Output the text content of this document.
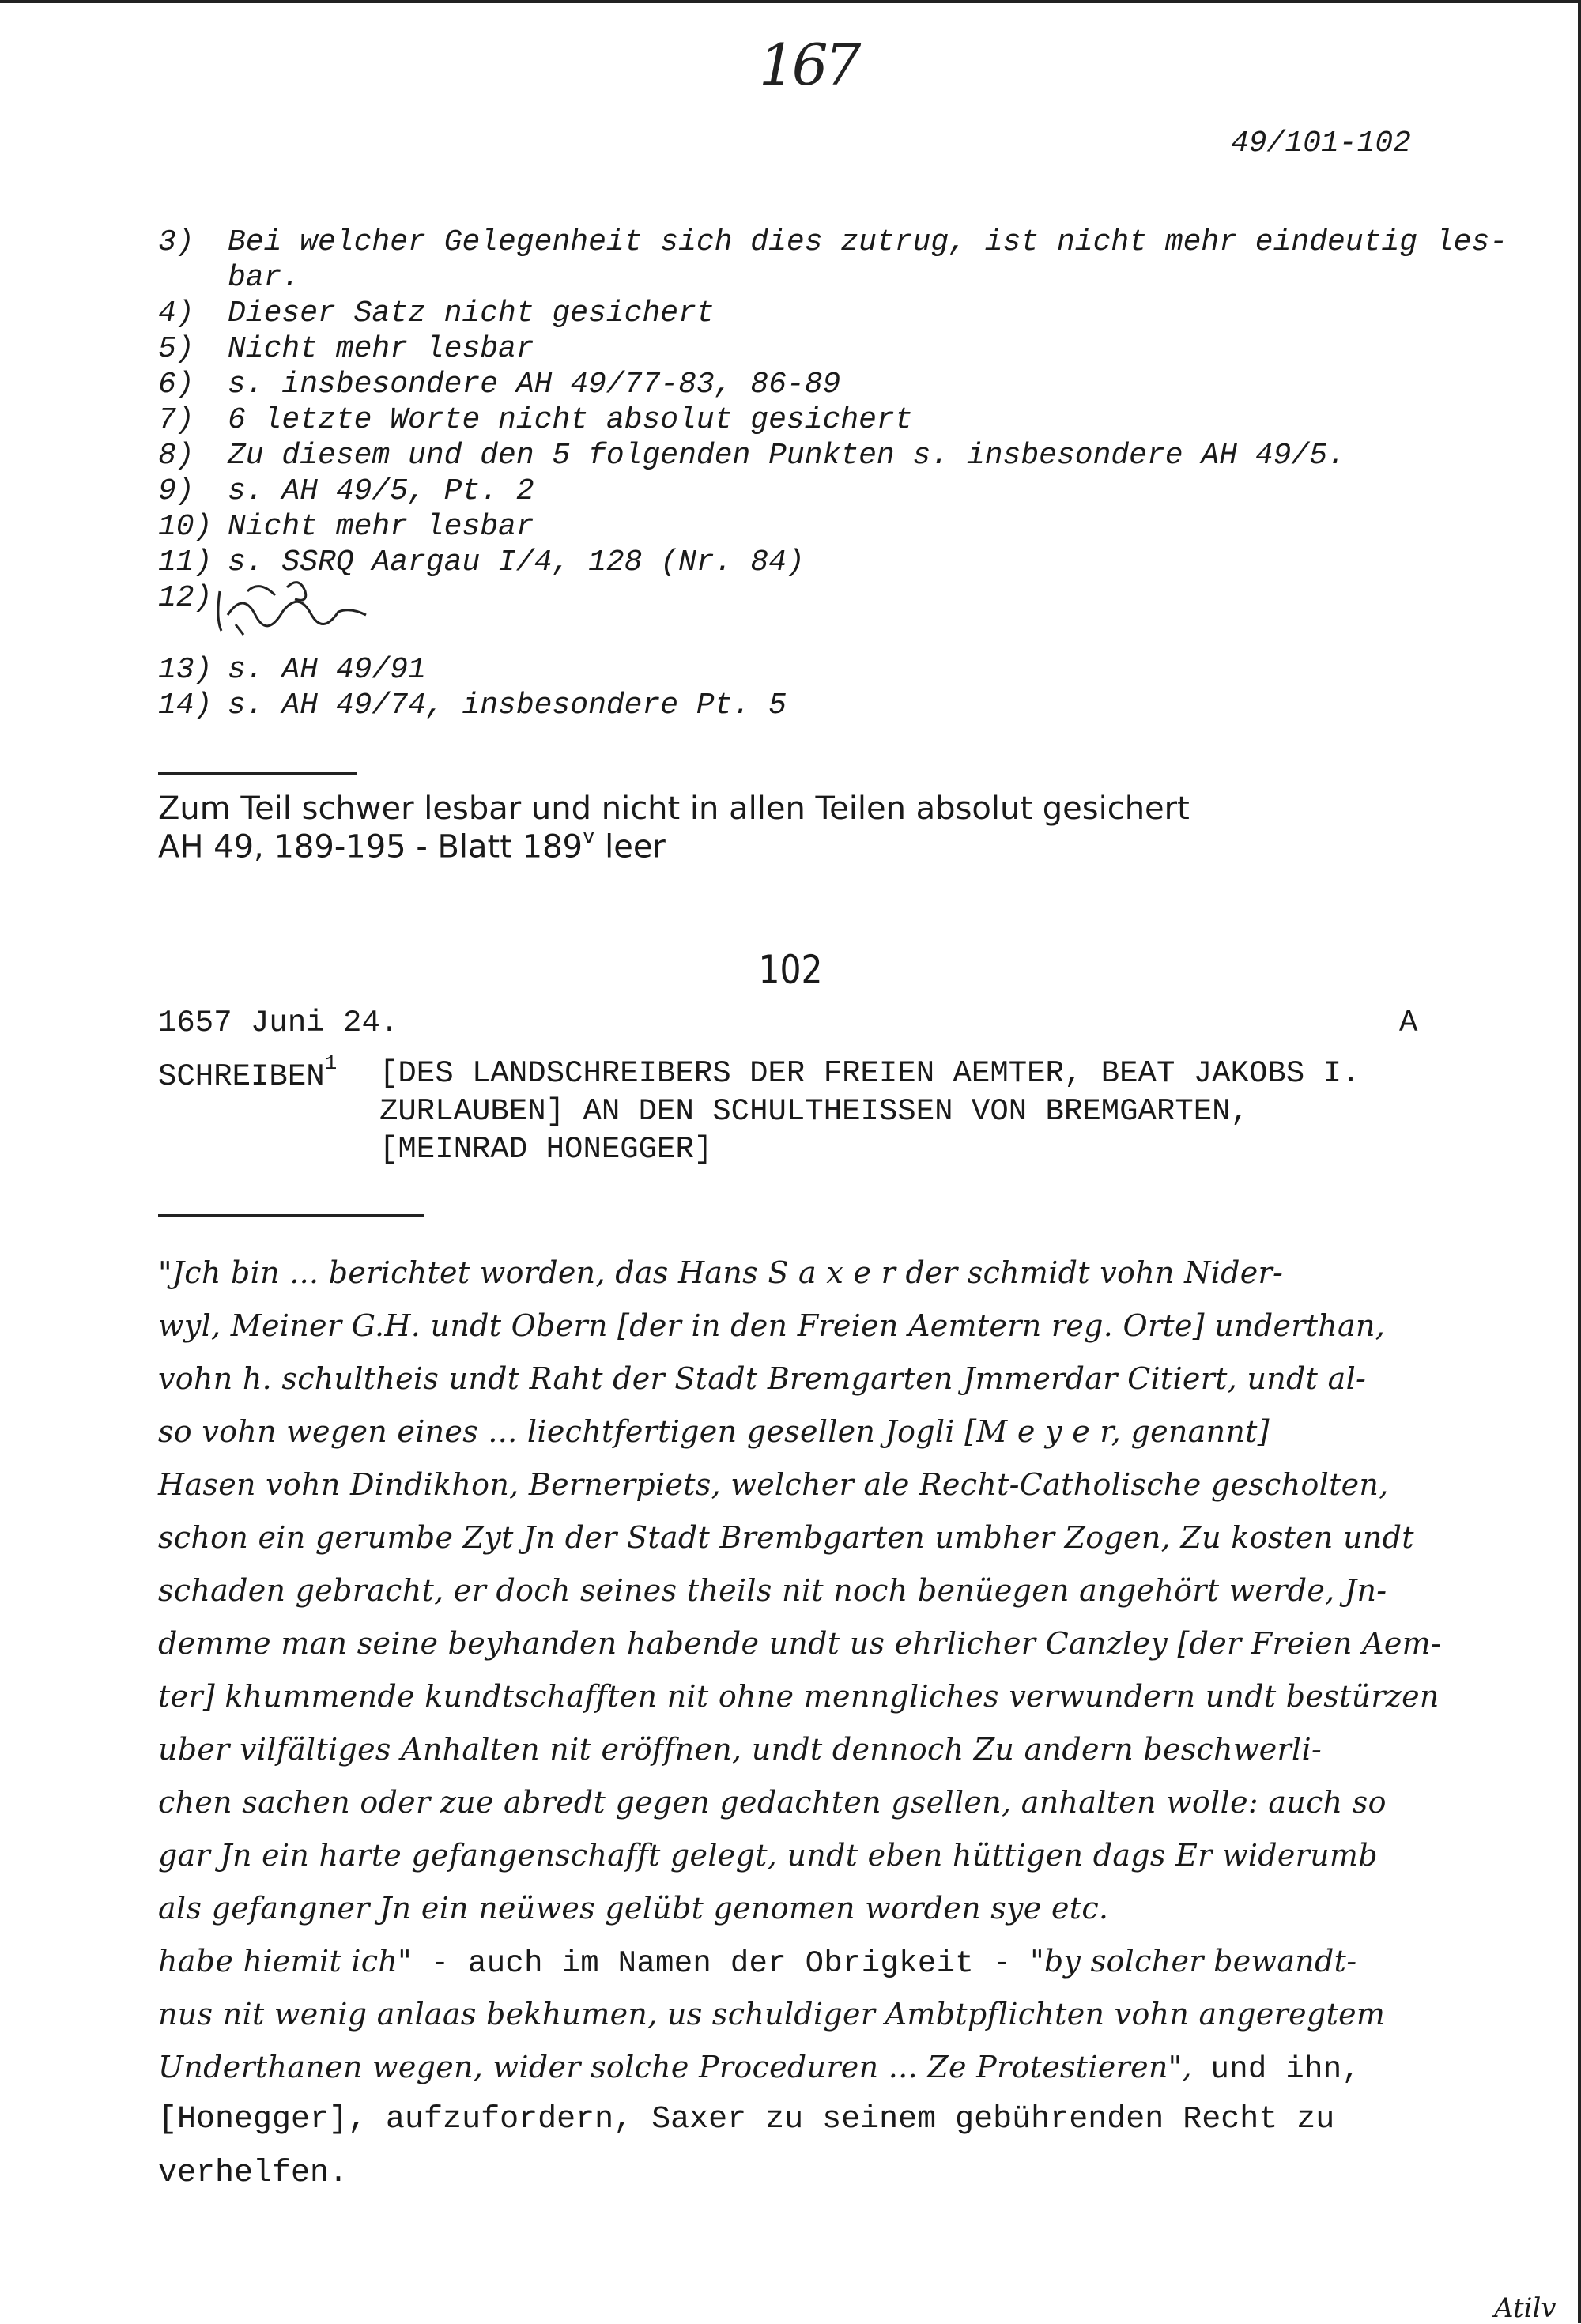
167
49/101-102
3) Bei welcher Gelegenheit sich dies zutrug, ist nicht mehr eindeutig les-
bar.
4) Dieser Satz nicht gesichert
5) Nicht mehr lesbar
6) s. insbesondere AH 49/77-83, 86-89
7) 6 letzte Worte nicht absolut gesichert
8) Zu diesem und den 5 folgenden Punkten s. insbesondere AH 49/5.
9) s. AH 49/5, Pt. 2
10) Nicht mehr lesbar
11) s. SSRQ Aargau I/4, 128 (Nr. 84)
12)
13) s. AH 49/91
14) s. AH 49/74, insbesondere Pt. 5
Zum Teil schwer lesbar und nicht in allen Teilen absolut gesichert
AH 49, 189-195 - Blatt 189$^v$ leer
102
1657 Juni 24.	A
SCHREIBEN$^1$ [DES LANDSCHREIBERS DER FREIEN AEMTER, BEAT JAKOBS I.
ZURLAUBEN] AN DEN SCHULTHEISSEN VON BREMGARTEN,
[MEINRAD HONEGGER]
"Jch bin ... berichtet worden, das Hans S a x e r der schmidt vohn Nider-
wyl, Meiner G.H. undt Obern [der in den Freien Aemtern reg. Orte] underthan,
vohn h. schultheis undt Raht der Stadt Bremgarten Jmmerdar Citiert, undt al-
so vohn wegen eines ... liechtfertigen gesellen Jogli [M e y e r, genannt]
Hasen vohn Dindikhon, Bernerpiets, welcher ale Recht-Catholische gescholten,
schon ein gerumbe Zyt Jn der Stadt Brembgarten umbher Zogen, Zu kosten undt
schaden gebracht, er doch seines theils nit noch benüegen angehört werde, Jn-
demme man seine beyhanden habende undt us ehrlicher Canzley [der Freien Aem-
ter] khummende kundtschafften nit ohne menngliches verwundern undt bestürzen
uber vilfältiges Anhalten nit eröffnen, undt dennoch Zu andern beschwerli-
chen sachen oder zue abredt gegen gedachten gsellen, anhalten wolle: auch so
gar Jn ein harte gefangenschafft gelegt, undt eben hüttigen dags Er widerumb
als gefangner Jn ein neüwes gelübt genomen worden sye etc.
habe hiemit ich" - auch im Namen der Obrigkeit - "by solcher bewandt-
nus nit wenig anlaas bekhumen, us schuldiger Ambtpflichten vohn angeregtem
Underthanen wegen, wider solche Proceduren ... Ze Protestieren", und ihn,
[Honegger], aufzufordern, Saxer zu seinem gebührenden Recht zu
verhelfen.
Atilv
